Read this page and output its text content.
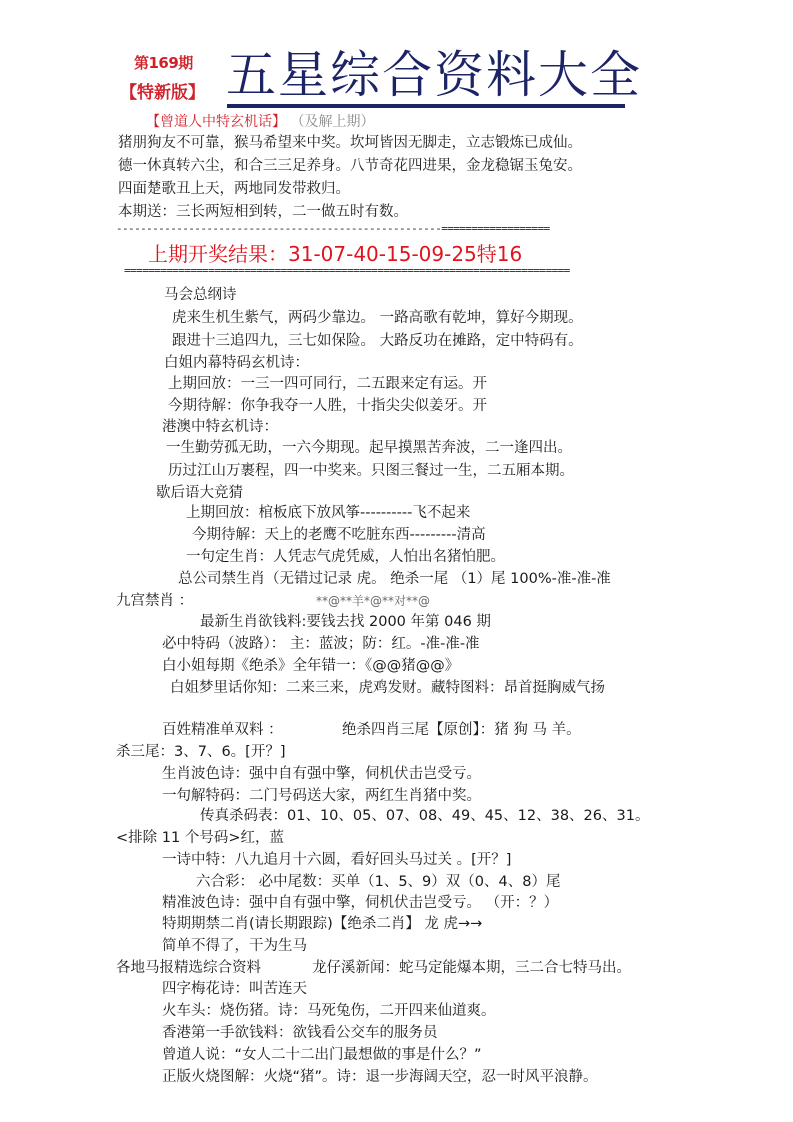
第169期
【特新版】 五星综合资料大全
【曾道人中特玄机话】 （及解上期）
猪朋狗友不可靠，猴马希望来中奖。坎坷皆因无脚走，立志锻炼已成仙。
德一休真转六尘，和合三三足养身。八节奇花四进果，金龙稳锯玉兔安。
四面楚歌丑上天，两地同发带救归。
本期送：三长两短相到转，二一做五时有数。
------------------------------------------------------==================
上期开奖结果：31-07-40-15-09-25特16
==========================================================================
马会总纲诗
虎来生机生紫气，两码少靠边。 一路高歌有乾坤，算好今期现。
跟进十三追四九，三七如保险。 大路反功在摊路，定中特码有。
白姐内幕特码玄机诗：
上期回放：一三一四可同行，二五跟来定有运。开
今期待解：你争我夺一人胜，十指尖尖似姜牙。开
港澳中特玄机诗：
一生勤劳孤无助，一六今期现。起早摸黑苦奔波，二一逢四出。
历过江山万裹程，四一中奖来。只图三餐过一生，二五厢本期。
歇后语大竞猜
上期回放：棺板底下放风筝----------飞不起来
今期待解：天上的老鹰不吃脏东西---------清高
一句定生肖：人凭志气虎凭威，人怕出名猪怕肥。
总公司禁生肖（无错过记录 虎。 绝杀一尾 （1）尾 100%-准-准-准
九宫禁肖 ：	**@**羊*@**对**@
最新生肖欲钱料:要钱去找 2000 年第 046 期
必中特码（波路）： 主：蓝波；防：红。-准-准-准
白小姐每期《绝杀》全年错一：《@@猪@@》
白姐梦里话你知：二来三来，虎鸡发财。藏特图料：昂首挺胸威气扬
百姓精准单双料 ：	绝杀四肖三尾【原创】：猪 狗 马 羊。
杀三尾：3、7、6。[开？]
生肖波色诗：强中自有强中擎，伺机伏击岂受亏。
一句解特码：二门号码送大家，两红生肖猪中奖。
传真杀码表：01、10、05、07、08、49、45、12、38、26、31。
<排除 11 个号码>红，蓝
一诗中特：八九追月十六圆，看好回头马过关 。[开？]
六合彩： 必中尾数：买单（1、5、9）双（0、4、8）尾
精准波色诗：强中自有强中擎，伺机伏击岂受亏。 （开：？）
特期期禁二肖(请长期跟踪)【绝杀二肖】 龙 虎→→
简单不得了，干为生马
各地马报精选综合资料	龙仔溪新闻：蛇马定能爆本期，三二合七特马出。
四字梅花诗：叫苦连天
火车头：烧伤猪。诗：马死兔伤，二开四来仙道爽。
香港第一手欲钱料：欲钱看公交车的服务员
曾道人说：“女人二十二出门最想做的事是什么？”
正版火烧图解：火烧“猪”。诗：退一步海阔天空，忍一时风平浪静。
